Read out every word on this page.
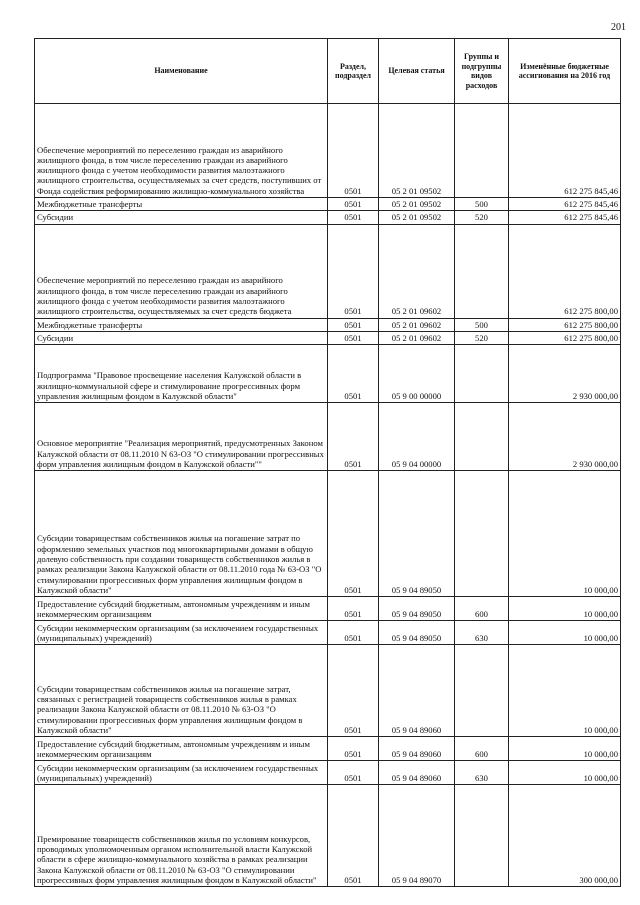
201
Наименование	Раздел, подраздел	Целевая статья	Группы и подгруппы видов расходов	Изменённые бюджетные ассигнования на 2016 год
Обеспечение мероприятий по переселению граждан из аварийного жилищного фонда, в том числе переселению граждан из аварийного жилищного фонда с учетом необходимости развития малоэтажного жилищного строительства, осуществляемых за счет средств, поступивших от Фонда содействия реформированию жилищно-коммунального хозяйства	0501	05 2 01 09502		612 275 845,46
Межбюджетные трансферты	0501	05 2 01 09502	500	612 275 845,46
Субсидии	0501	05 2 01 09502	520	612 275 845,46
Обеспечение мероприятий по переселению граждан из аварийного жилищного фонда, в том числе переселению граждан из аварийного жилищного фонда с учетом необходимости развития малоэтажного жилищного строительства, осуществляемых за счет средств бюджета	0501	05 2 01 09602		612 275 800,00
Межбюджетные трансферты	0501	05 2 01 09602	500	612 275 800,00
Субсидии	0501	05 2 01 09602	520	612 275 800,00
Подпрограмма "Правовое просвещение населения Калужской области в жилищно-коммунальной сфере и стимулирование прогрессивных форм управления жилищным фондом в Калужской области"	0501	05 9 00 00000		2 930 000,00
Основное мероприятие "Реализация мероприятий, предусмотренных Законом Калужской области от 08.11.2010 N 63-ОЗ "О стимулировании прогрессивных форм управления жилищным фондом в Калужской области""	0501	05 9 04 00000		2 930 000,00
Субсидии товариществам собственников жилья на погашение затрат по оформлению земельных участков под многоквартирными домами в общую долевую собственность при создании товариществ собственников жилья в рамках реализации Закона Калужской области от 08.11.2010 года № 63-ОЗ "О стимулировании прогрессивных форм управления жилищным фондом в Калужской области"	0501	05 9 04 89050		10 000,00
Предоставление субсидий бюджетным, автономным учреждениям и иным некоммерческим организациям	0501	05 9 04 89050	600	10 000,00
Субсидии некоммерческим организациям (за исключением государственных (муниципальных) учреждений)	0501	05 9 04 89050	630	10 000,00
Субсидии товариществам собственников жилья на погашение затрат, связанных с регистрацией товариществ собственников жилья в рамках реализации Закона Калужской области от 08.11.2010 № 63-ОЗ "О стимулировании прогрессивных форм управления жилищным фондом в Калужской области"	0501	05 9 04 89060		10 000,00
Предоставление субсидий бюджетным, автономным учреждениям и иным некоммерческим организациям	0501	05 9 04 89060	600	10 000,00
Субсидии некоммерческим организациям (за исключением государственных (муниципальных) учреждений)	0501	05 9 04 89060	630	10 000,00
Премирование товариществ собственников жилья по условиям конкурсов, проводимых уполномоченным органом исполнительной власти Калужской области в сфере жилищно-коммунального хозяйства в рамках реализации Закона Калужской области от 08.11.2010 № 63-ОЗ "О стимулировании прогрессивных форм управления жилищным фондом в Калужской области"	0501	05 9 04 89070		300 000,00
